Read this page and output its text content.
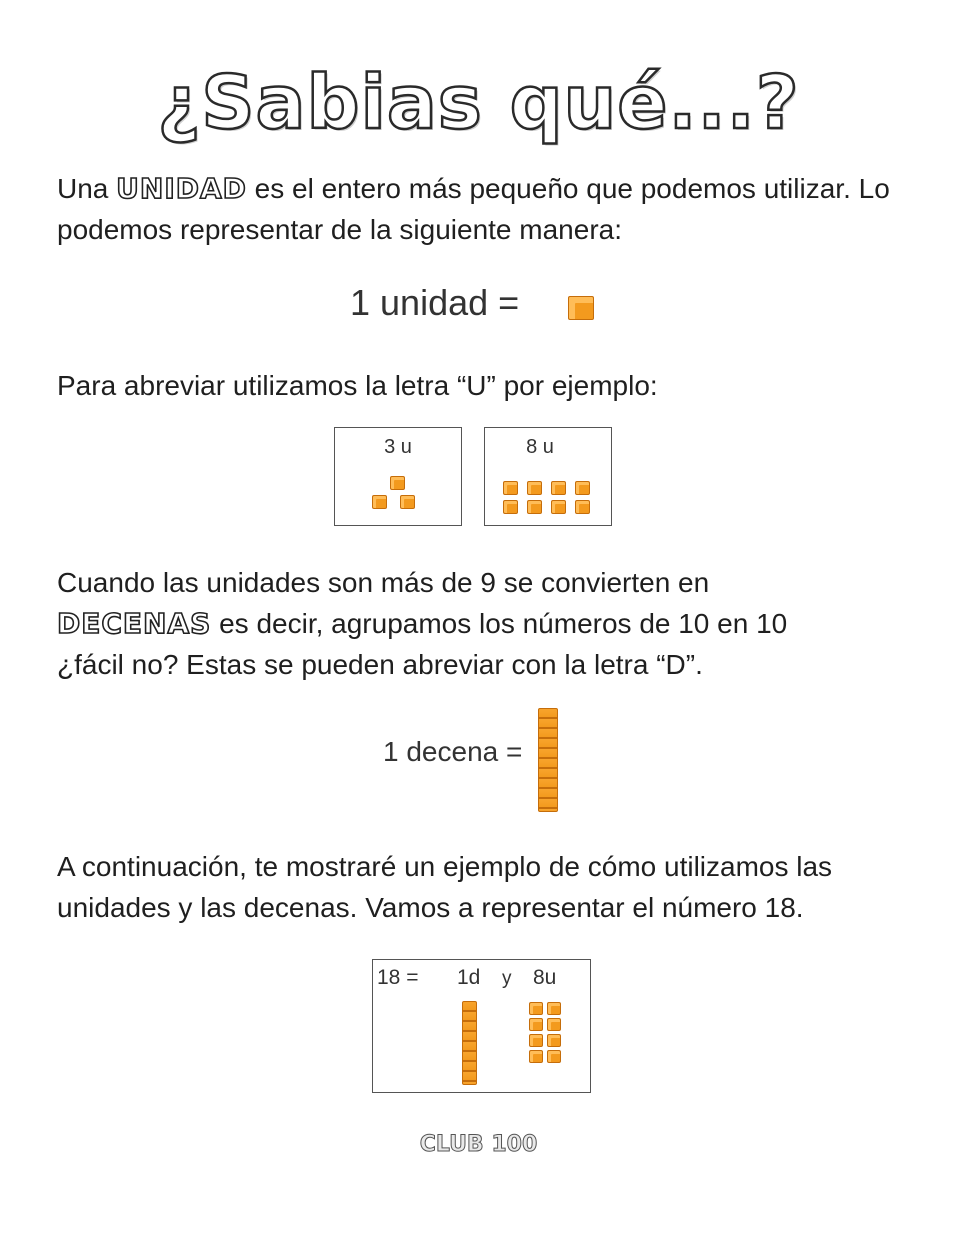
¿Sabias qué...?
Una UNIDAD es el entero más pequeño que podemos utilizar. Lo podemos representar de la siguiente manera:
1 unidad =
Para abreviar utilizamos la letra “U” por ejemplo:
3 u	8 u
Cuando las unidades son más de 9 se convierten en
DECENAS es decir, agrupamos los números de 10 en 10
¿fácil no? Estas se pueden abreviar con la letra “D”.
1 decena =
A continuación, te mostraré un ejemplo de cómo utilizamos las unidades y las decenas. Vamos a representar el número 18.
18 = 1d y 8u
CLUB 100
